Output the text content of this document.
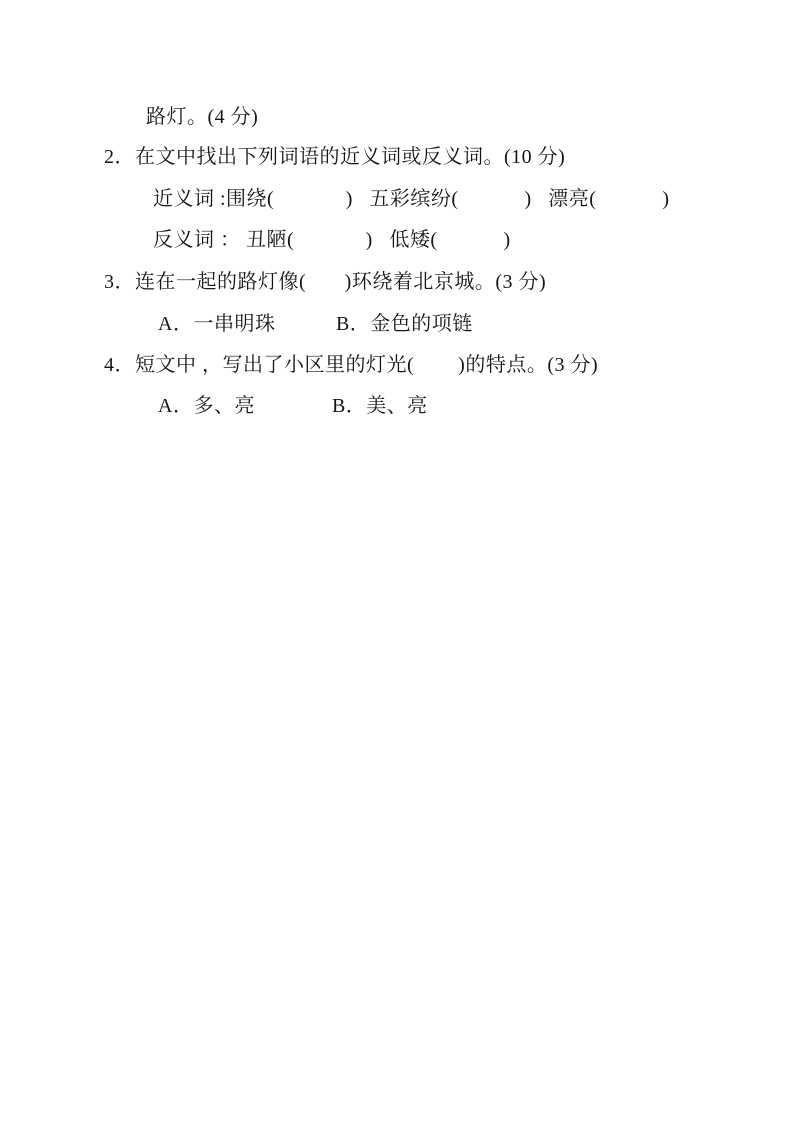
路灯。(4 分)
2．在文中找出下列词语的近义词或反义词。(10 分)
近义词 :围绕(             )   五彩缤纷(            )   漂亮(            )
反义词 ： 丑陋(             )   低矮(            )
3．连在一起的路灯像(       )环绕着北京城。(3 分)
A．一串明珠           B．金色的项链
4．短文中 ，写出了小区里的灯光(        )的特点。(3 分)
A．多、亮              B．美、亮
